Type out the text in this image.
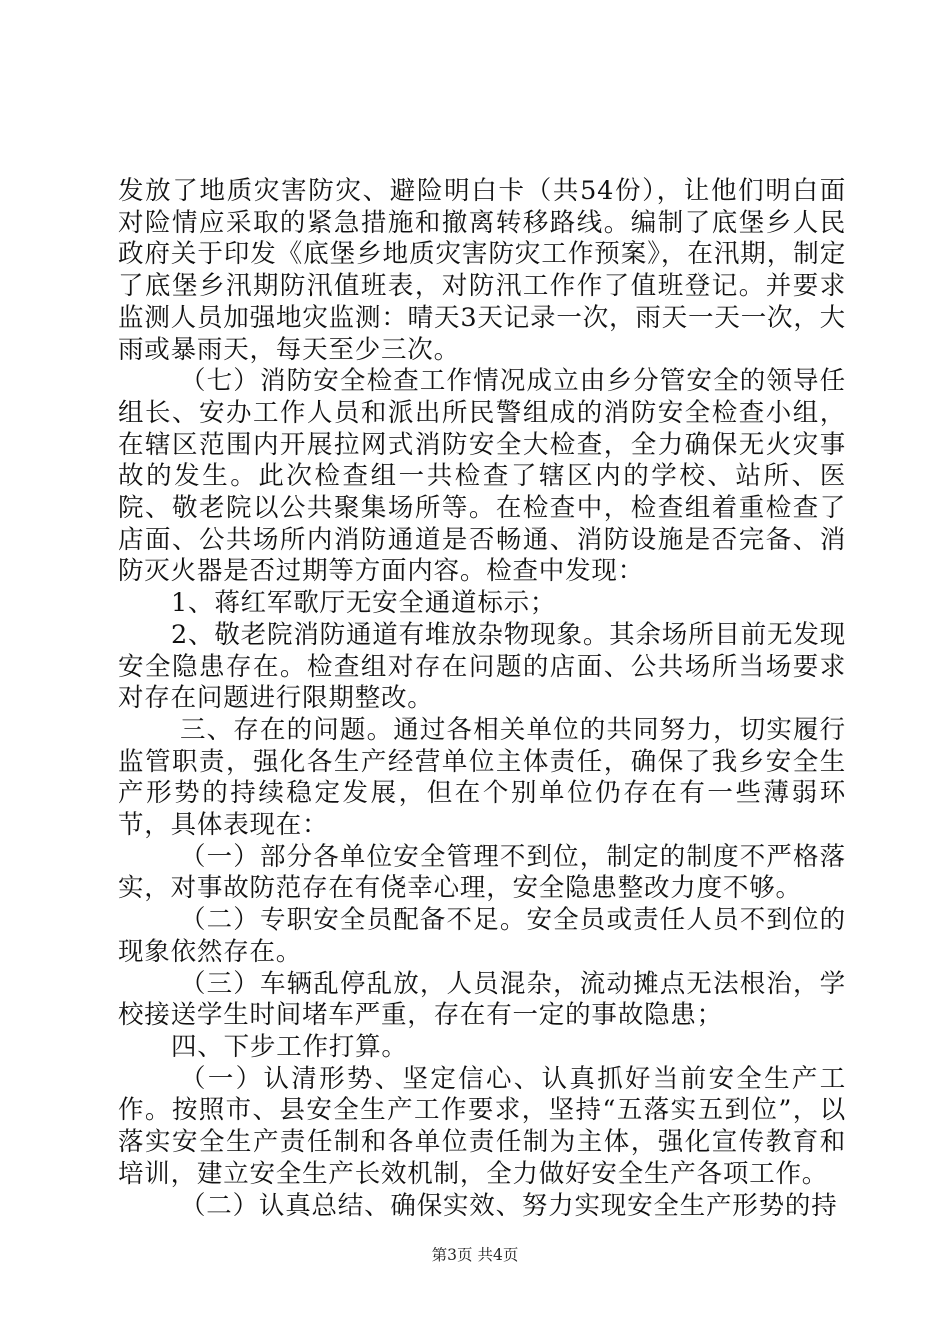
发放了地质灾害防灾、避险明白卡（共54份），让他们明白面对险情应采取的紧急措施和撤离转移路线。编制了底堡乡人民政府关于印发《底堡乡地质灾害防灾工作预案》，在汛期，制定了底堡乡汛期防汛值班表，对防汛工作作了值班登记。并要求监测人员加强地灾监测：晴天3天记录一次，雨天一天一次，大雨或暴雨天，每天至少三次。

（七）消防安全检查工作情况成立由乡分管安全的领导任组长、安办工作人员和派出所民警组成的消防安全检查小组，在辖区范围内开展拉网式消防安全大检查，全力确保无火灾事故的发生。此次检查组一共检查了辖区内的学校、站所、医院、敬老院以公共聚集场所等。在检查中，检查组着重检查了店面、公共场所内消防通道是否畅通、消防设施是否完备、消防灭火器是否过期等方面内容。检查中发现：

1、蒋红军歌厅无安全通道标示；

2、敬老院消防通道有堆放杂物现象。其余场所目前无发现安全隐患存在。检查组对存在问题的店面、公共场所当场要求对存在问题进行限期整改。

三、存在的问题。通过各相关单位的共同努力，切实履行监管职责，强化各生产经营单位主体责任，确保了我乡安全生产形势的持续稳定发展，但在个别单位仍存在有一些薄弱环节，具体表现在：

（一）部分各单位安全管理不到位，制定的制度不严格落实，对事故防范存在有侥幸心理，安全隐患整改力度不够。

（二）专职安全员配备不足。安全员或责任人员不到位的现象依然存在。

（三）车辆乱停乱放，人员混杂，流动摊点无法根治，学校接送学生时间堵车严重，存在有一定的事故隐患；

四、下步工作打算。

（一）认清形势、坚定信心、认真抓好当前安全生产工作。按照市、县安全生产工作要求，坚持“五落实五到位”，以落实安全生产责任制和各单位责任制为主体，强化宣传教育和培训，建立安全生产长效机制，全力做好安全生产各项工作。

（二）认真总结、确保实效、努力实现安全生产形势的持

第3页 共4页
